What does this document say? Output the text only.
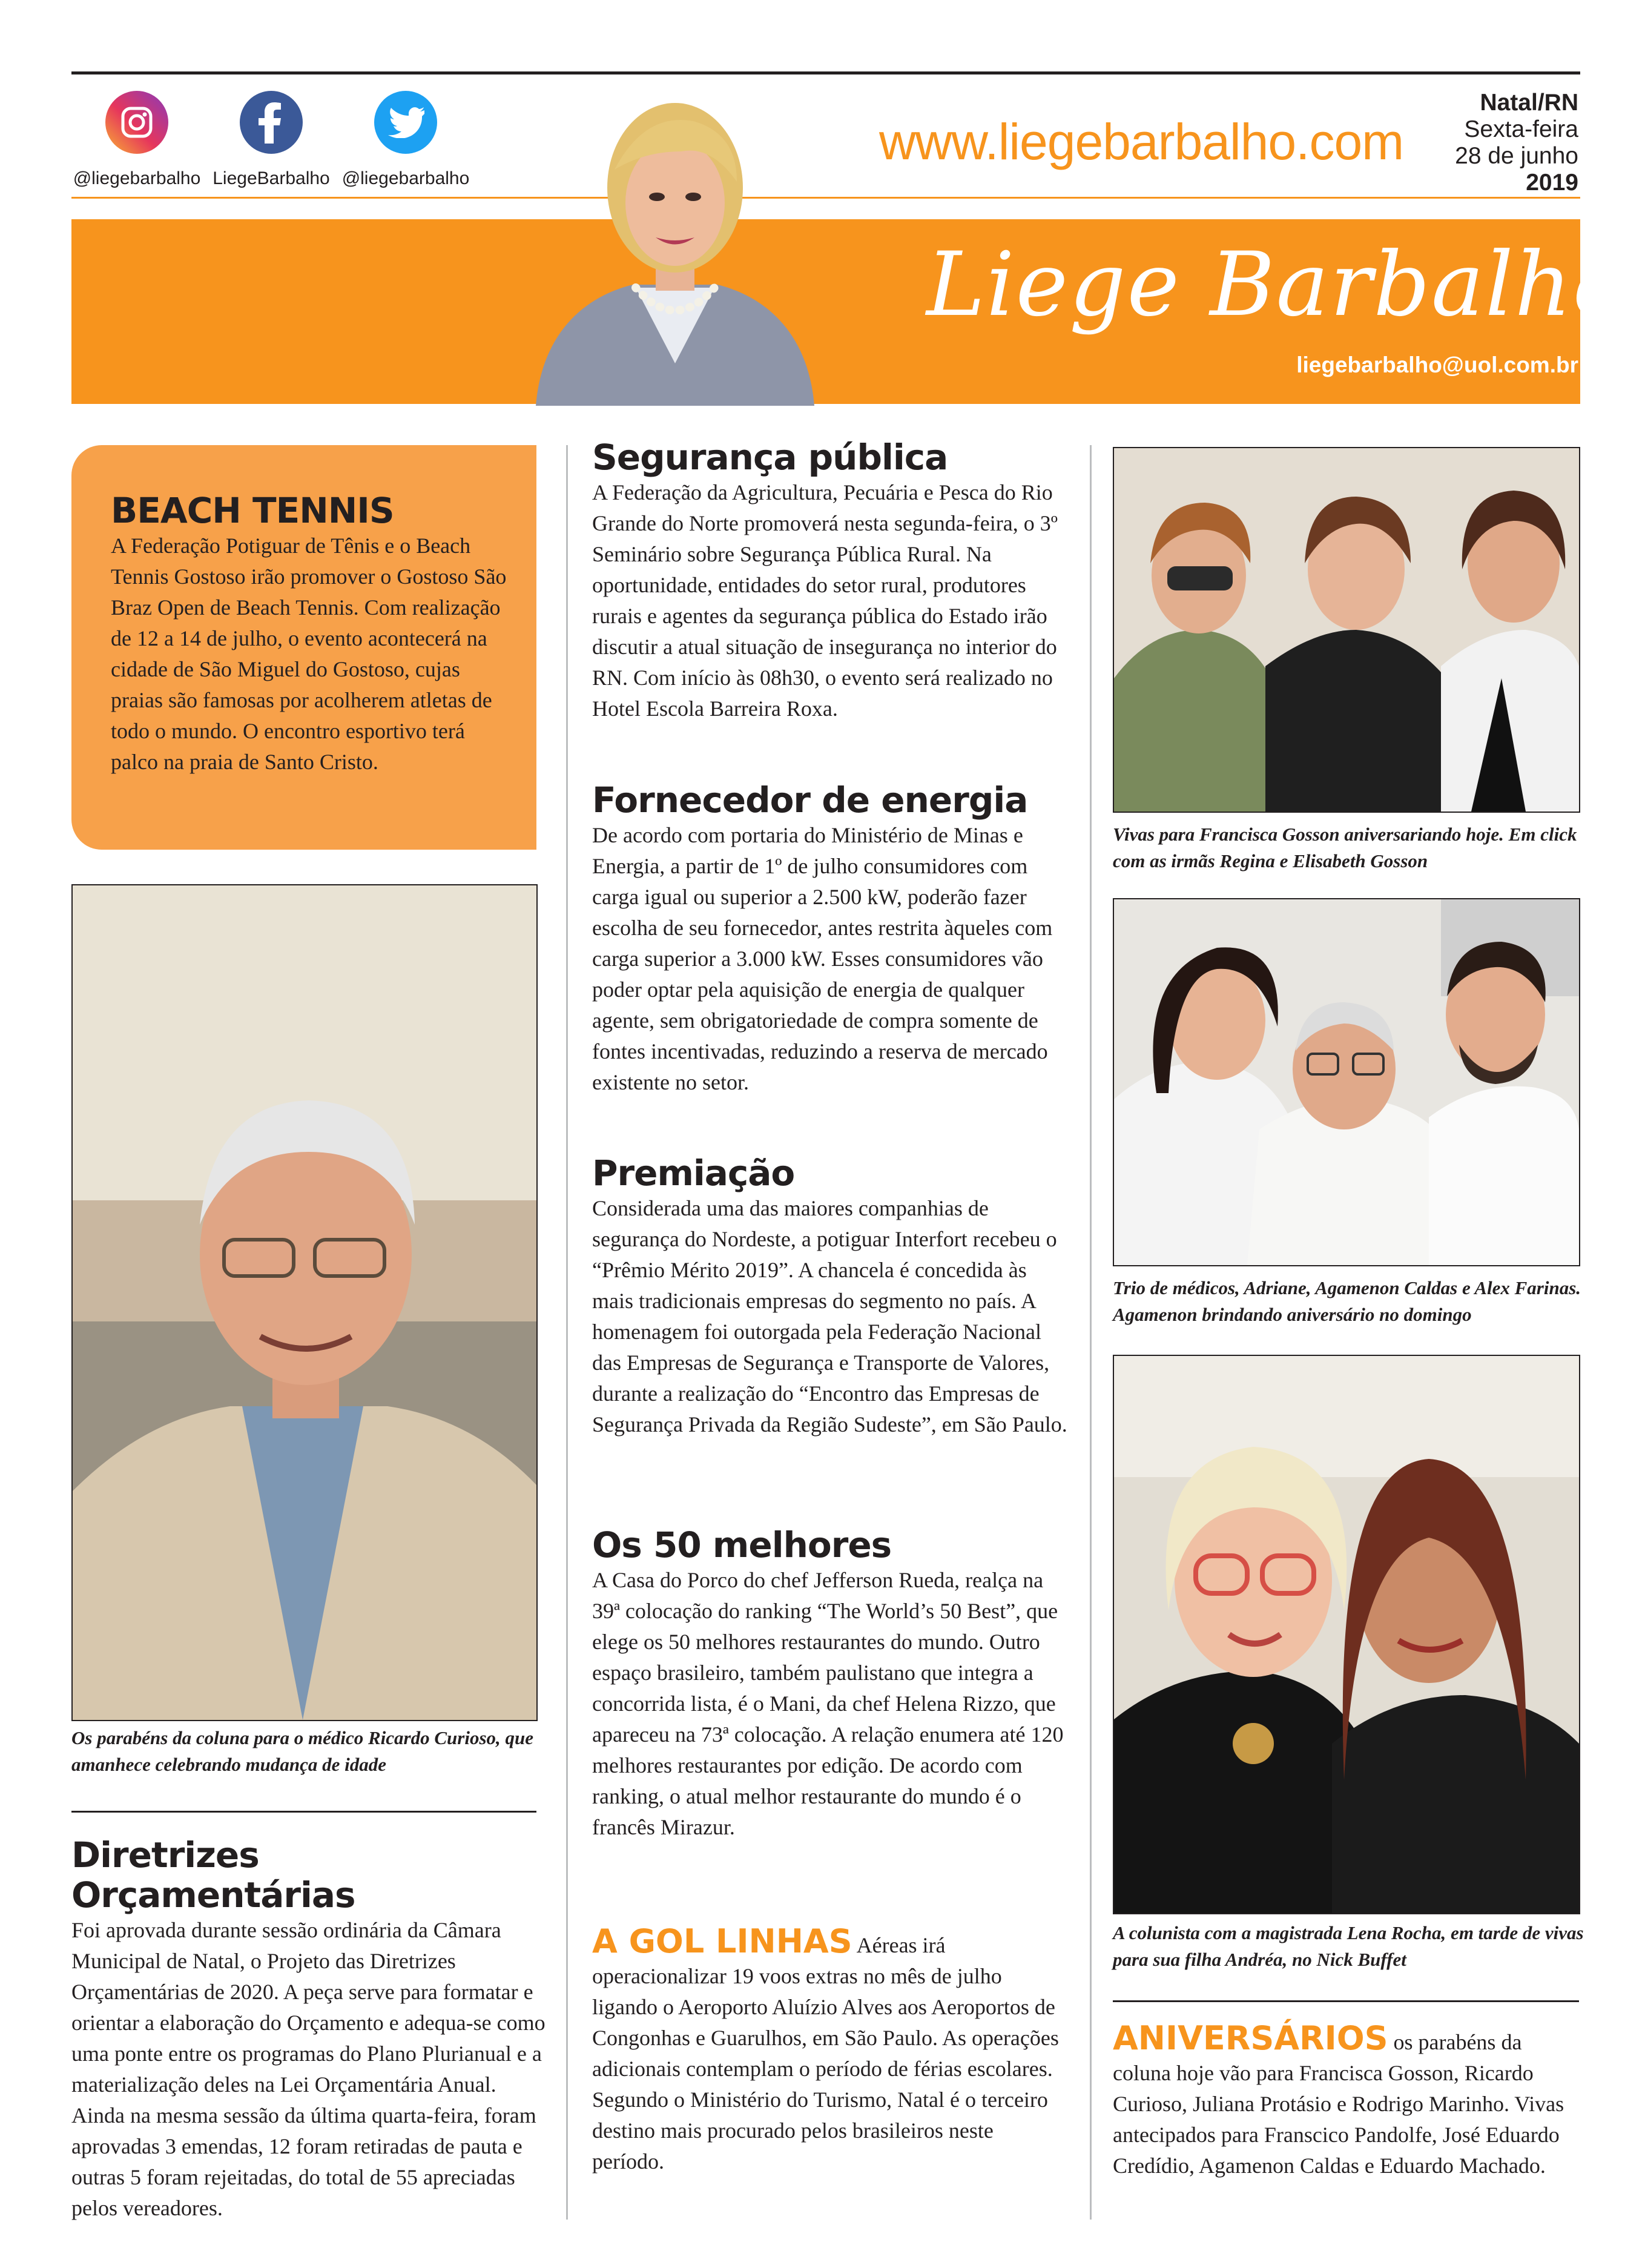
@liegebarbalho LiegeBarbalho @liegebarbalho
www.liegebarbalho.com
Natal/RN
Sexta-feira
28 de junho
2019
Liege Barbalho
liegebarbalho@uol.com.br
BEACH TENNIS

A Federação Potiguar de Tênis e o Beach Tennis Gostoso irão promover o Gostoso São Braz Open de Beach Tennis. Com realização de 12 a 14 de julho, o evento acontecerá na cidade de São Miguel do Gostoso, cujas praias são famosas por acolherem atletas de todo o mundo. O encontro esportivo terá palco na praia de Santo Cristo.

Os parabéns da coluna para o médico Ricardo Curioso, que amanhece celebrando mudança de idade
Diretrizes Orçamentárias

Foi aprovada durante sessão ordinária da Câmara Municipal de Natal, o Projeto das Diretrizes Orçamentárias de 2020. A peça serve para formatar e orientar a elaboração do Orçamento e adequa-se como uma ponte entre os programas do Plano Plurianual e a materialização deles na Lei Orçamentária Anual. Ainda na mesma sessão da última quarta-feira, foram aprovadas 3 emendas, 12 foram retiradas de pauta e outras 5 foram rejeitadas, do total de 55 apreciadas pelos vereadores.

Segurança pública

A Federação da Agricultura, Pecuária e Pesca do Rio Grande do Norte promoverá nesta segunda-feira, o 3º Seminário sobre Segurança Pública Rural. Na oportunidade, entidades do setor rural, produtores rurais e agentes da segurança pública do Estado irão discutir a atual situação de insegurança no interior do RN. Com início às 08h30, o evento será realizado no Hotel Escola Barreira Roxa.

Fornecedor de energia

De acordo com portaria do Ministério de Minas e Energia, a partir de 1º de julho consumidores com carga igual ou superior a 2.500 kW, poderão fazer escolha de seu fornecedor, antes restrita àqueles com carga superior a 3.000 kW. Esses consumidores vão poder optar pela aquisição de energia de qualquer agente, sem obrigatoriedade de compra somente de fontes incentivadas, reduzindo a reserva de mercado existente no setor.

Premiação

Considerada uma das maiores companhias de segurança do Nordeste, a potiguar Interfort recebeu o “Prêmio Mérito 2019”. A chancela é concedida às mais tradicionais empresas do segmento no país. A homenagem foi outorgada pela Federação Nacional das Empresas de Segurança e Transporte de Valores, durante a realização do “Encontro das Empresas de Segurança Privada da Região Sudeste”, em São Paulo.

Os 50 melhores

A Casa do Porco do chef Jefferson Rueda, realça na 39ª colocação do ranking “The World’s 50 Best”, que elege os 50 melhores restaurantes do mundo. Outro espaço brasileiro, também paulistano que integra a concorrida lista, é o Mani, da chef Helena Rizzo, que apareceu na 73ª colocação. A relação enumera até 120 melhores restaurantes por edição. De acordo com ranking, o atual melhor restaurante do mundo é o francês Mirazur.

A GOL LINHAS Aéreas irá operacionalizar 19 voos extras no mês de julho ligando o Aeroporto Aluízio Alves aos Aeroportos de Congonhas e Guarulhos, em São Paulo. As operações adicionais contemplam o período de férias escolares. Segundo o Ministério do Turismo, Natal é o terceiro destino mais procurado pelos brasileiros neste período.

Vivas para Francisca Gosson aniversariando hoje. Em click com as irmãs Regina e Elisabeth Gosson
Trio de médicos, Adriane, Agamenon Caldas e Alex Farinas. Agamenon brindando aniversário no domingo
A colunista com a magistrada Lena Rocha, em tarde de vivas para sua filha Andréa, no Nick Buffet

ANIVERSÁRIOS os parabéns da coluna hoje vão para Francisca Gosson, Ricardo Curioso, Juliana Protásio e Rodrigo Marinho. Vivas antecipados para Franscico Pandolfe, José Eduardo Credídio, Agamenon Caldas e Eduardo Machado.
